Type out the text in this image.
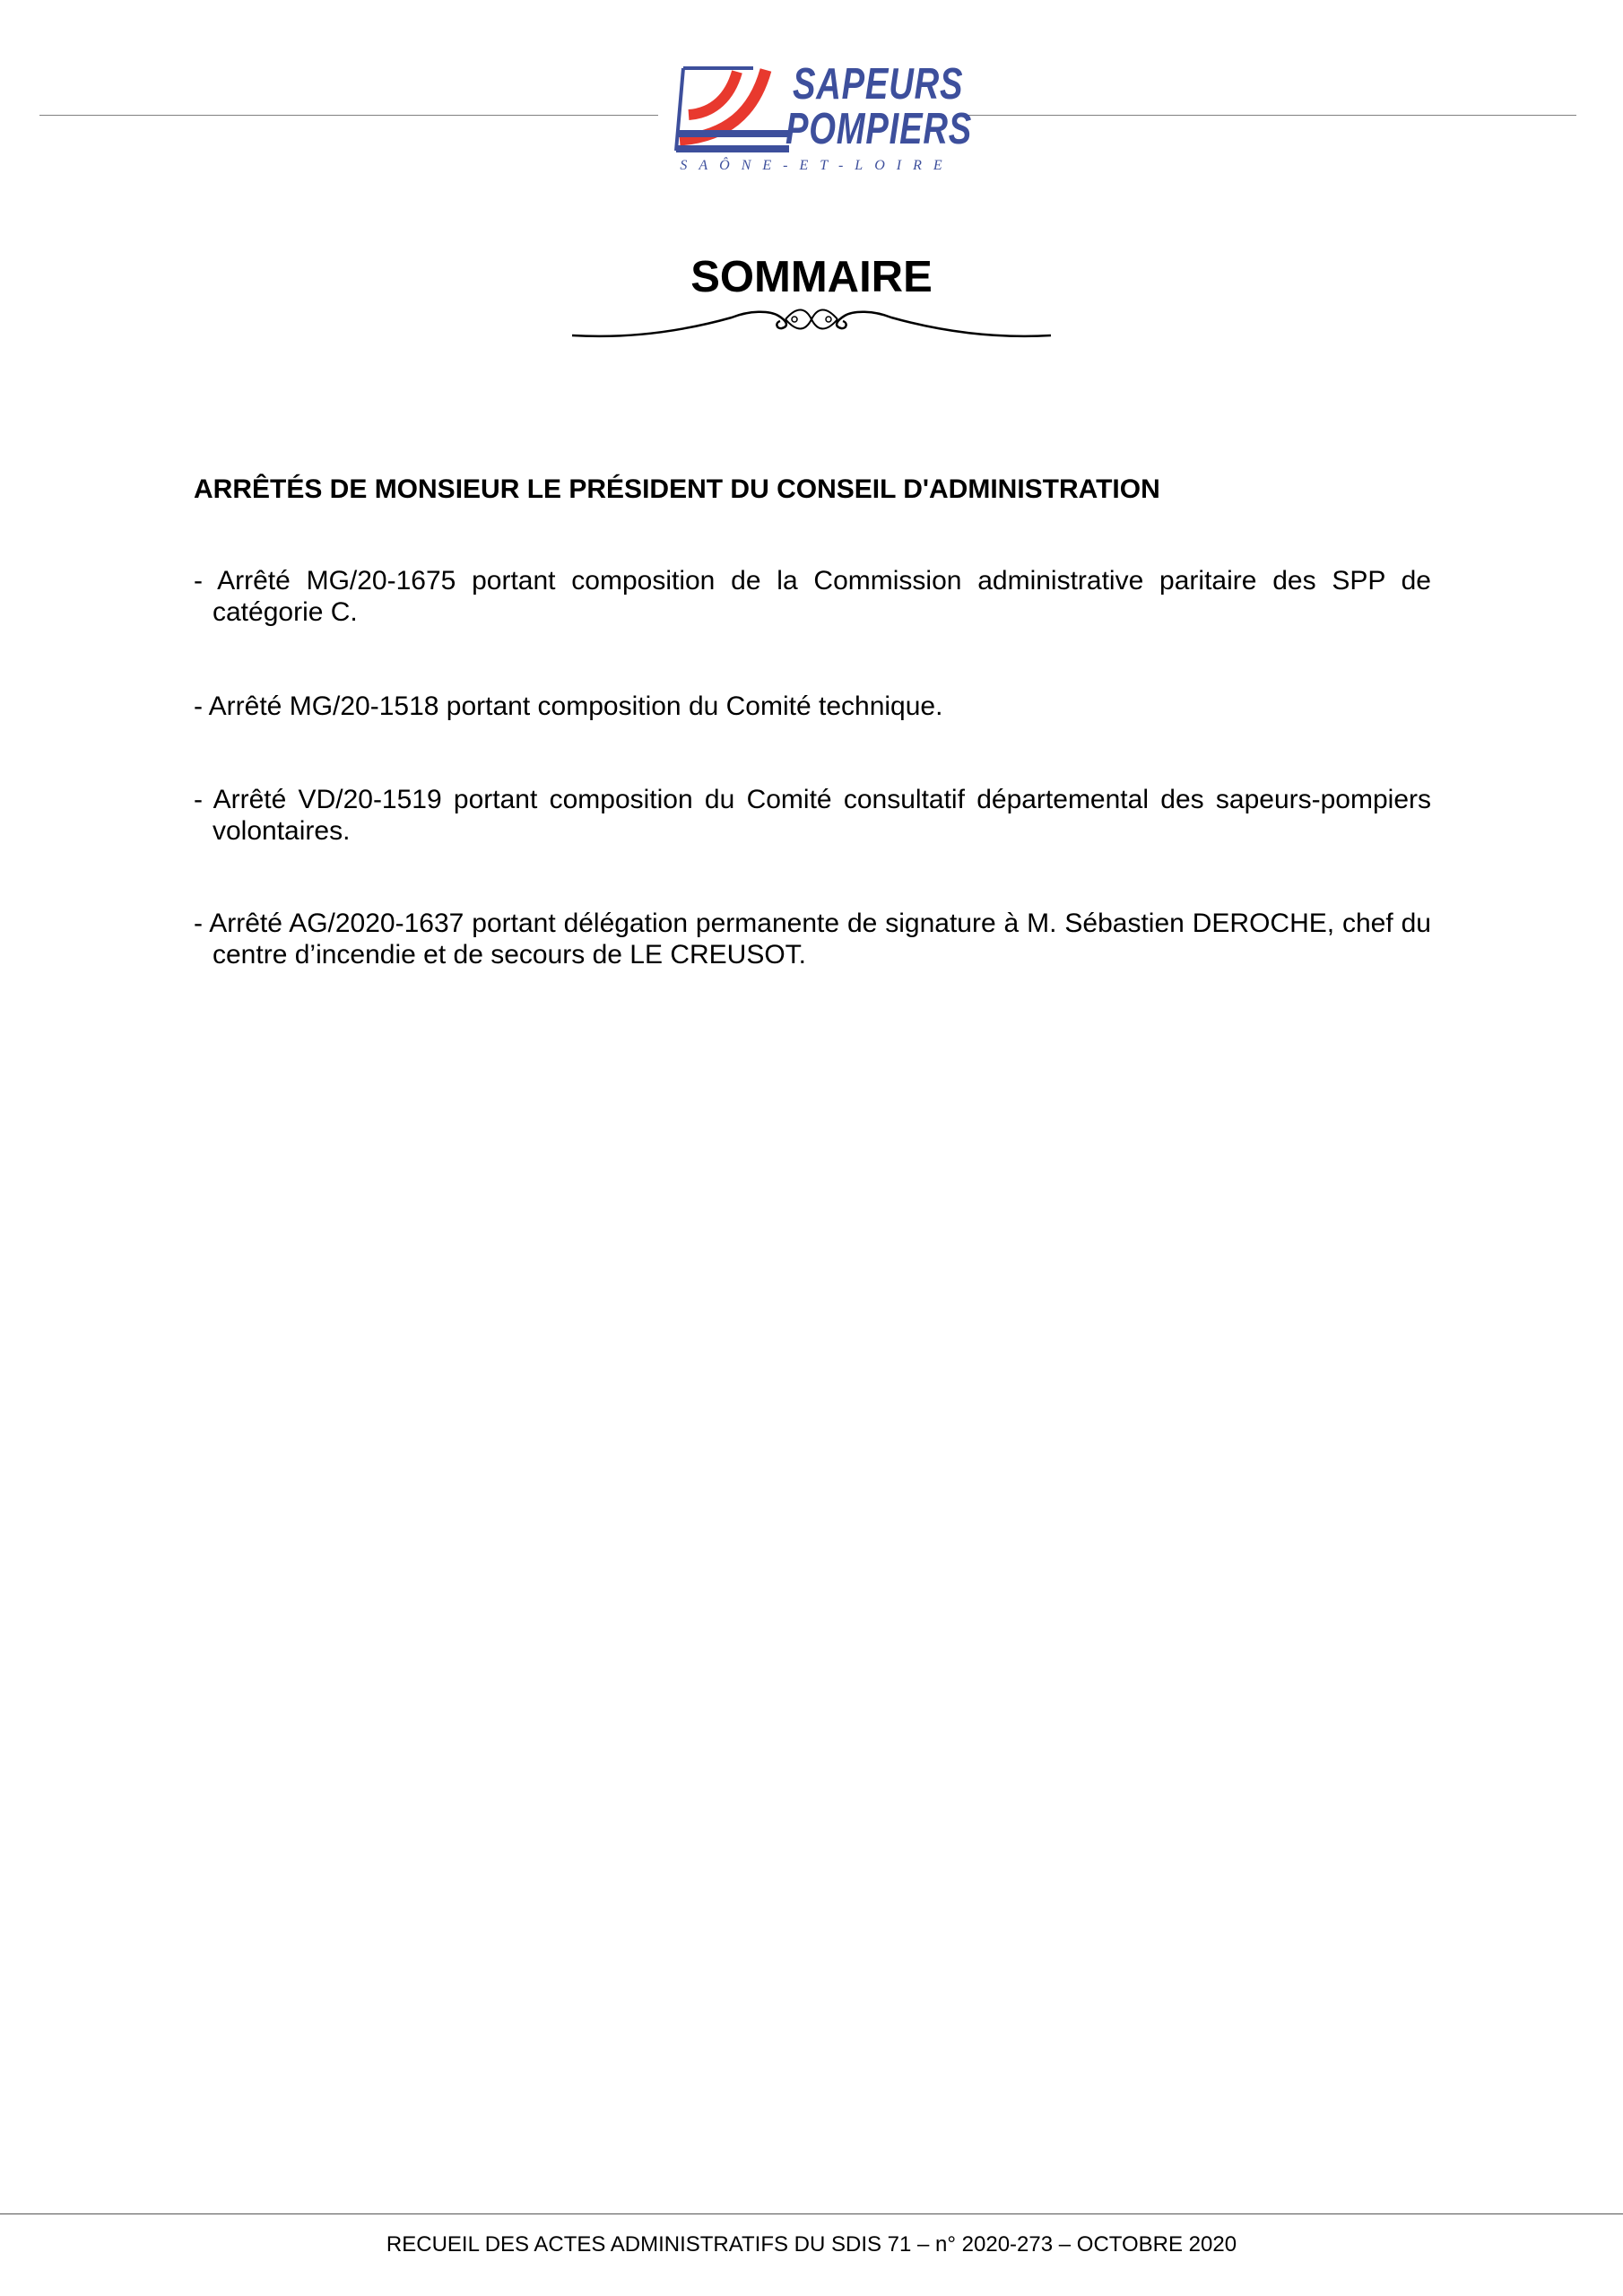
SAPEURS
POMPIERS
SAÔNE-ET-LOIRE
SOMMAIRE
ARRÊTÉS DE MONSIEUR LE PRÉSIDENT DU CONSEIL D'ADMINISTRATION
- Arrêté MG/20-1675 portant composition de la Commission administrative paritaire des SPP de catégorie C.
- Arrêté MG/20-1518 portant composition du Comité technique.
- Arrêté VD/20-1519 portant composition du Comité consultatif départemental des sapeurs-pompiers volontaires.
- Arrêté AG/2020-1637 portant délégation permanente de signature à M. Sébastien DEROCHE, chef du centre d’incendie et de secours de LE CREUSOT.
RECUEIL DES ACTES ADMINISTRATIFS DU SDIS 71 – n° 2020-273 – OCTOBRE 2020
